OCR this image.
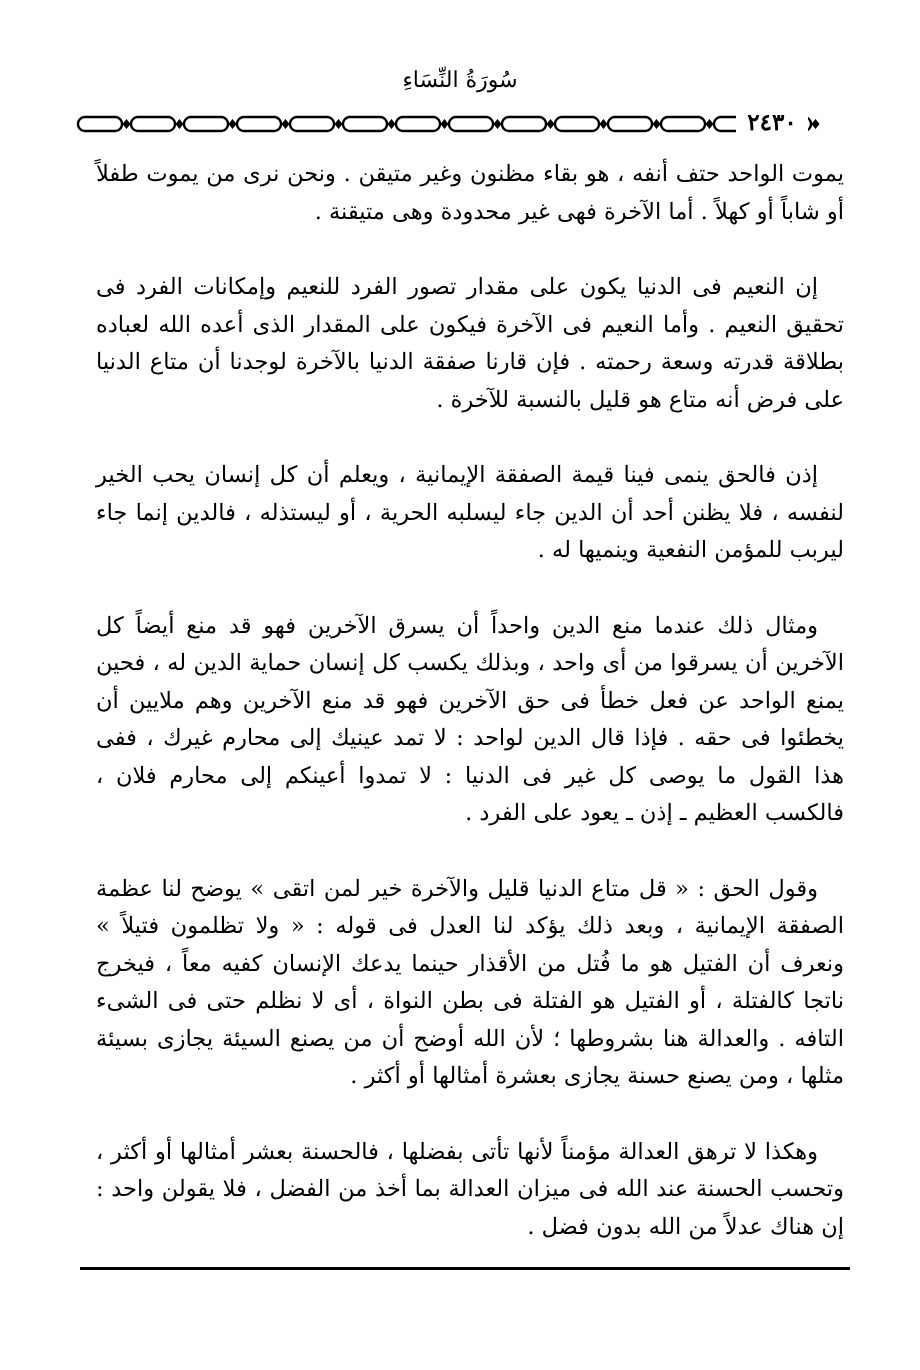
سُورَةُ النِّسَاءِ
٢٤٣٠

يموت الواحد حتف أنفه ، هو بقاء مظنون وغير متيقن . ونحن نرى من يموت طفلاً أو شاباً أو كهلاً . أما الآخرة فهى غير محدودة وهى متيقنة .

إن النعيم فى الدنيا يكون على مقدار تصور الفرد للنعيم وإمكانات الفرد فى تحقيق النعيم . وأما النعيم فى الآخرة فيكون على المقدار الذى أعده الله لعباده بطلاقة قدرته وسعة رحمته . فإن قارنا صفقة الدنيا بالآخرة لوجدنا أن متاع الدنيا على فرض أنه متاع هو قليل بالنسبة للآخرة .

إذن فالحق ينمى فينا قيمة الصفقة الإيمانية ، ويعلم أن كل إنسان يحب الخير لنفسه ، فلا يظنن أحد أن الدين جاء ليسلبه الحرية ، أو ليستذله ، فالدين إنما جاء ليربب للمؤمن النفعية وينميها له .

ومثال ذلك عندما منع الدين واحداً أن يسرق الآخرين فهو قد منع أيضاً كل الآخرين أن يسرقوا من أى واحد ، وبذلك يكسب كل إنسان حماية الدين له ، فحين يمنع الواحد عن فعل خطأ فى حق الآخرين فهو قد منع الآخرين وهم ملايين أن يخطئوا فى حقه . فإذا قال الدين لواحد : لا تمد عينيك إلى محارم غيرك ، ففى هذا القول ما يوصى كل غير فى الدنيا : لا تمدوا أعينكم إلى محارم فلان ، فالكسب العظيم ـ إذن ـ يعود على الفرد .

وقول الحق : « قل متاع الدنيا قليل والآخرة خير لمن اتقى » يوضح لنا عظمة الصفقة الإيمانية ، وبعد ذلك يؤكد لنا العدل فى قوله : « ولا تظلمون فتيلاً » ونعرف أن الفتيل هو ما فُتل من الأقذار حينما يدعك الإنسان كفيه معاً ، فيخرج ناتجا كالفتلة ، أو الفتيل هو الفتلة فى بطن النواة ، أى لا نظلم حتى فى الشىء التافه . والعدالة هنا بشروطها ؛ لأن الله أوضح أن من يصنع السيئة يجازى بسيئة مثلها ، ومن يصنع حسنة يجازى بعشرة أمثالها أو أكثر .

وهكذا لا ترهق العدالة مؤمناً لأنها تأتى بفضلها ، فالحسنة بعشر أمثالها أو أكثر ، وتحسب الحسنة عند الله فى ميزان العدالة بما أخذ من الفضل ، فلا يقولن واحد : إن هناك عدلاً من الله بدون فضل .
